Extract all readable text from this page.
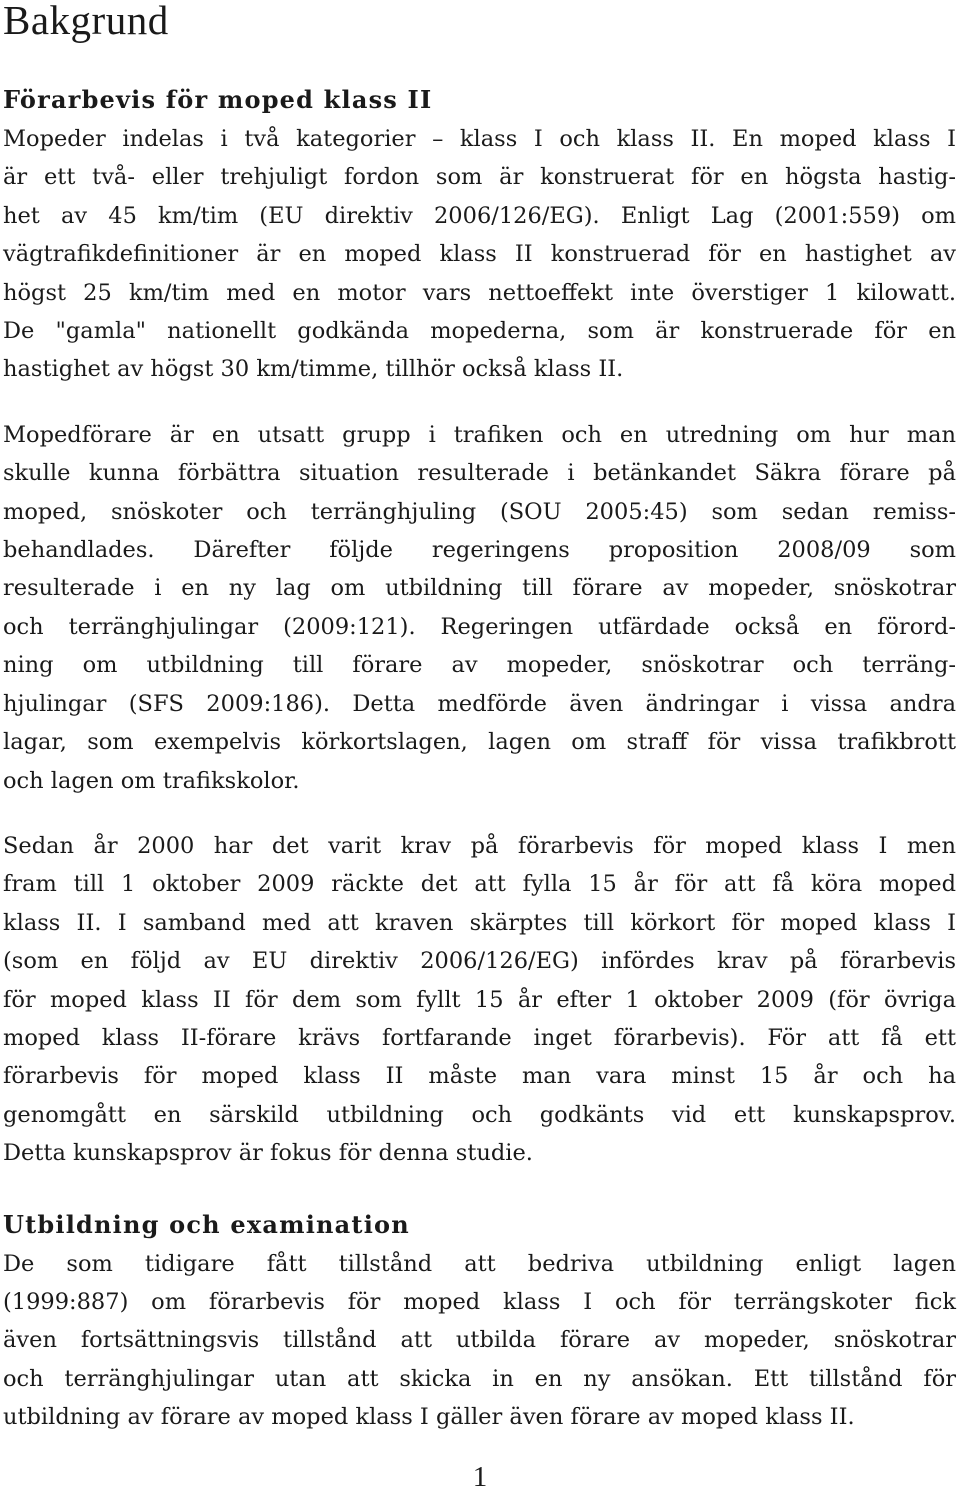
Bakgrund
Förarbevis för moped klass II

Mopeder indelas i två kategorier – klass I och klass II. En moped klass I
är ett två- eller trehjuligt fordon som är konstruerat för en högsta hastig-
het av 45 km/tim (EU direktiv 2006/126/EG). Enligt Lag (2001:559) om
vägtrafikdefinitioner är en moped klass II konstruerad för en hastighet av
högst 25 km/tim med en motor vars nettoeffekt inte överstiger 1 kilowatt.
De "gamla" nationellt godkända mopederna, som är konstruerade för en
hastighet av högst 30 km/timme, tillhör också klass II.

Mopedförare är en utsatt grupp i trafiken och en utredning om hur man
skulle kunna förbättra situation resulterade i betänkandet Säkra förare på
moped, snöskoter och terränghjuling (SOU 2005:45) som sedan remiss-
behandlades. Därefter följde regeringens proposition 2008/09 som
resulterade i en ny lag om utbildning till förare av mopeder, snöskotrar
och terränghjulingar (2009:121). Regeringen utfärdade också en förord-
ning om utbildning till förare av mopeder, snöskotrar och terräng-
hjulingar (SFS 2009:186). Detta medförde även ändringar i vissa andra
lagar, som exempelvis körkortslagen, lagen om straff för vissa trafikbrott
och lagen om trafikskolor.

Sedan år 2000 har det varit krav på förarbevis för moped klass I men
fram till 1 oktober 2009 räckte det att fylla 15 år för att få köra moped
klass II. I samband med att kraven skärptes till körkort för moped klass I
(som en följd av EU direktiv 2006/126/EG) infördes krav på förarbevis
för moped klass II för dem som fyllt 15 år efter 1 oktober 2009 (för övriga
moped klass II-förare krävs fortfarande inget förarbevis). För att få ett
förarbevis för moped klass II måste man vara minst 15 år och ha
genomgått en särskild utbildning och godkänts vid ett kunskapsprov.
Detta kunskapsprov är fokus för denna studie.

Utbildning och examination

De som tidigare fått tillstånd att bedriva utbildning enligt lagen
(1999:887) om förarbevis för moped klass I och för terrängskoter fick
även fortsättningsvis tillstånd att utbilda förare av mopeder, snöskotrar
och terränghjulingar utan att skicka in en ny ansökan. Ett tillstånd för
utbildning av förare av moped klass I gäller även förare av moped klass II.

1
